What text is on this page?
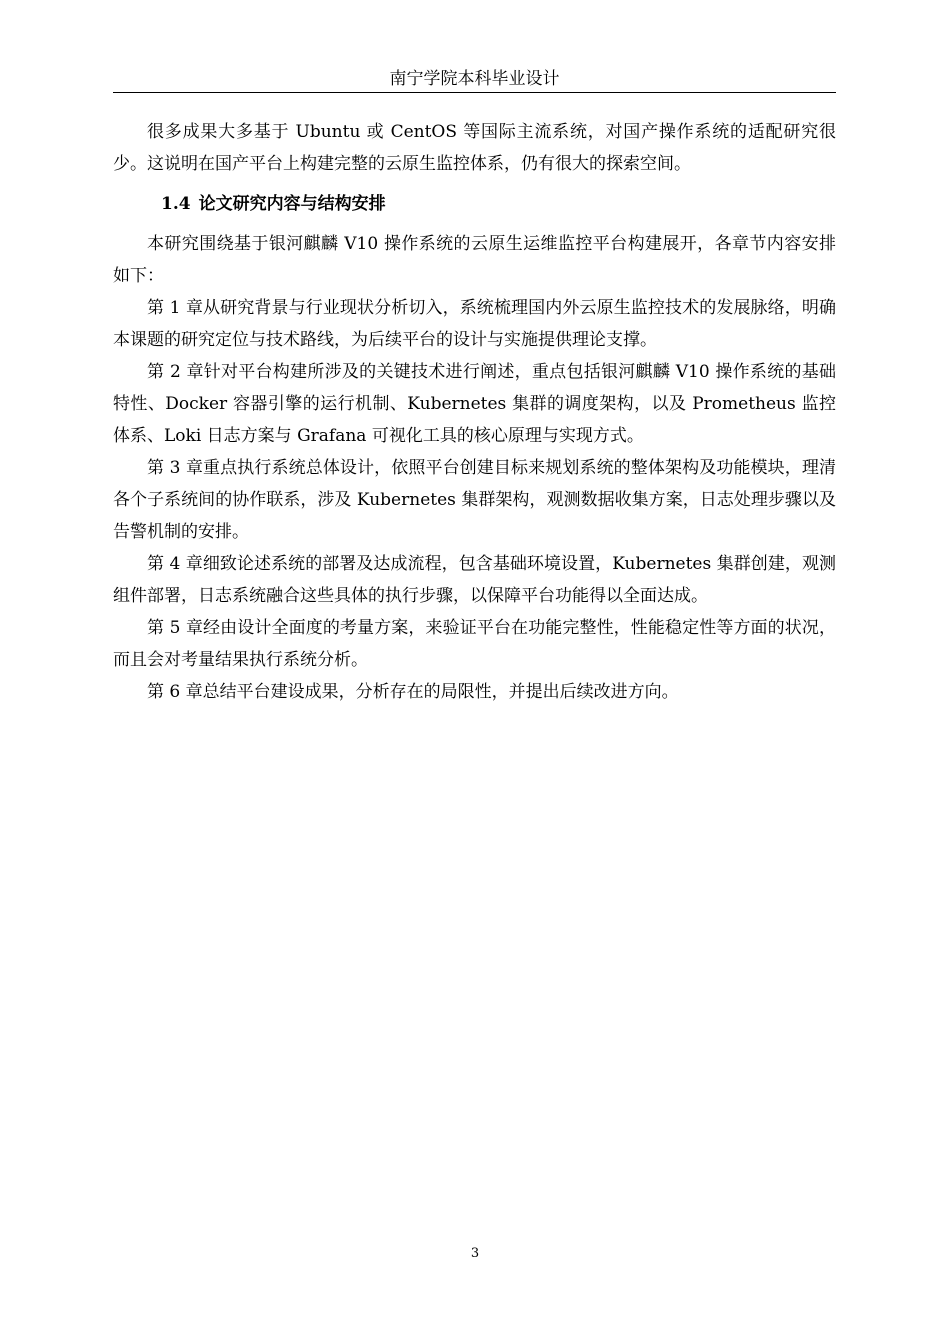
南宁学院本科毕业设计

很多成果大多基于 Ubuntu 或 CentOS 等国际主流系统，对国产操作系统的适配研究很少。这说明在国产平台上构建完整的云原生监控体系，仍有很大的探索空间。

1.4 论文研究内容与结构安排

本研究围绕基于银河麒麟 V10 操作系统的云原生运维监控平台构建展开，各章节内容安排如下：

第 1 章从研究背景与行业现状分析切入，系统梳理国内外云原生监控技术的发展脉络，明确本课题的研究定位与技术路线，为后续平台的设计与实施提供理论支撑。

第 2 章针对平台构建所涉及的关键技术进行阐述，重点包括银河麒麟 V10 操作系统的基础特性、Docker 容器引擎的运行机制、Kubernetes 集群的调度架构，以及 Prometheus 监控体系、Loki 日志方案与 Grafana 可视化工具的核心原理与实现方式。

第 3 章重点执行系统总体设计，依照平台创建目标来规划系统的整体架构及功能模块，理清各个子系统间的协作联系，涉及 Kubernetes 集群架构，观测数据收集方案，日志处理步骤以及告警机制的安排。

第 4 章细致论述系统的部署及达成流程，包含基础环境设置，Kubernetes 集群创建，观测组件部署，日志系统融合这些具体的执行步骤，以保障平台功能得以全面达成。

第 5 章经由设计全面度的考量方案，来验证平台在功能完整性，性能稳定性等方面的状况，而且会对考量结果执行系统分析。

第 6 章总结平台建设成果，分析存在的局限性，并提出后续改进方向。

3
